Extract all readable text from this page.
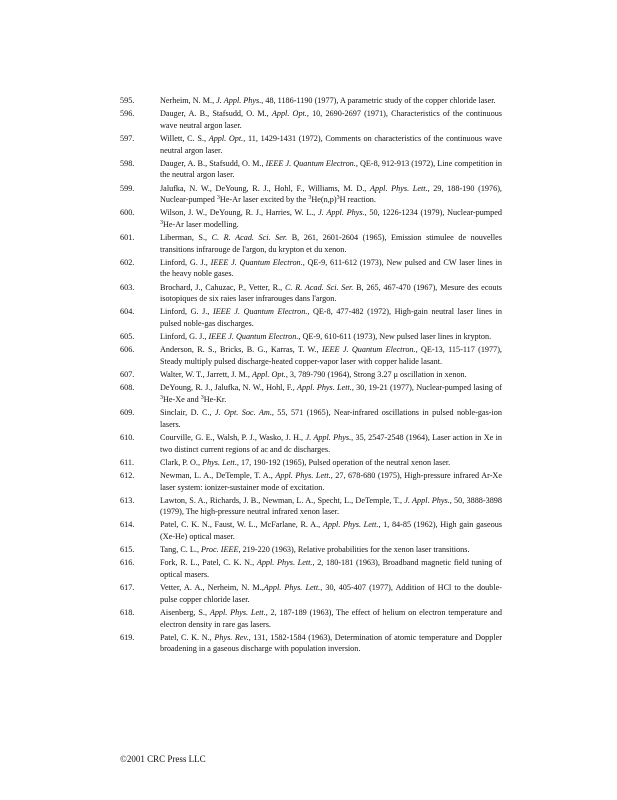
595.	Nerheim, N. M., J. Appl. Phys., 48, 1186-1190 (1977), A parametric study of the copper chloride laser.
596.	Dauger, A. B., Stafsudd, O. M., Appl. Opt., 10, 2690-2697 (1971), Characteristics of the continuous wave neutral argon laser.
597.	Willett, C. S., Appl. Opt., 11, 1429-1431 (1972), Comments on characteristics of the continuous wave neutral argon laser.
598.	Dauger, A. B., Stafsudd, O. M., IEEE J. Quantum Electron., QE-8, 912-913 (1972), Line competition in the neutral argon laser.
599.	Jalufka, N. W., DeYoung, R. J., Hohl, F., Williams, M. D., Appl. Phys. Lett., 29, 188-190 (1976), Nuclear-pumped $^3$He-Ar laser excited by the $^3He(n,p)^3H$ reaction.
600.	Wilson, J. W., DeYoung, R. J., Harries, W. L., J. Appl. Phys., 50, 1226-1234 (1979), Nuclear-pumped $^3$He-Ar laser modelling.
601.	Liberman, S., C. R. Acad. Sci. Ser. B, 261, 2601-2604 (1965), Emission stimulee de nouvelles transitions infrarouge de l'argon, du krypton et du xenon.
602.	Linford, G. J., IEEE J. Quantum Electron., QE-9, 611-612 (1973), New pulsed and CW laser lines in the heavy noble gases.
603.	Brochard, J., Cahuzac, P., Vetter, R., C. R. Acad. Sci. Ser. B, 265, 467-470 (1967), Mesure des ecouts isotopiques de six raies laser infrarouges dans l'argon.
604.	Linford, G. J., IEEE J. Quantum Electron., QE-8, 477-482 (1972), High-gain neutral laser lines in pulsed noble-gas discharges.
605.	Linford, G. J., IEEE J. Quantum Electron., QE-9, 610-611 (1973), New pulsed laser lines in krypton.
606.	Anderson, R. S., Bricks, B. G., Karras, T. W., IEEE J. Quantum Electron., QE-13, 115-117 (1977), Steady multiply pulsed discharge-heated copper-vapor laser with copper halide lasant.
607.	Walter, W. T., Jarrett, J. M., Appl. Opt., 3, 789-790 (1964), Strong 3.27 μ oscillation in xenon.
608.	DeYoung, R. J., Jalufka, N. W., Hohl, F., Appl. Phys. Lett., 30, 19-21 (1977), Nuclear-pumped lasing of $^3$He-Xe and $^3$He-Kr.
609.	Sinclair, D. C., J. Opt. Soc. Am., 55, 571 (1965), Near-infrared oscillations in pulsed noble-gas-ion lasers.
610.	Courville, G. E., Walsh, P. J., Wasko, J. H., J. Appl. Phys., 35, 2547-2548 (1964), Laser action in Xe in two distinct current regions of ac and dc discharges.
611.	Clark, P. O., Phys. Lett., 17, 190-192 (1965), Pulsed operation of the neutral xenon laser.
612.	Newman, L. A., DeTemple, T. A., Appl. Phys. Lett., 27, 678-680 (1975), High-pressure infrared Ar-Xe laser system: ionizer-sustainer mode of excitation.
613.	Lawton, S. A., Richards, J. B., Newman, L. A., Specht, L., DeTemple, T., J. Appl. Phys., 50, 3888-3898 (1979), The high-pressure neutral infrared xenon laser.
614.	Patel, C. K. N., Faust, W. L., McFarlane, R. A., Appl. Phys. Lett., 1, 84-85 (1962), High gain gaseous (Xe-He) optical maser.
615.	Tang, C. L., Proc. IEEE, 219-220 (1963), Relative probabilities for the xenon laser transitions.
616.	Fork, R. L., Patel, C. K. N., Appl. Phys. Lett., 2, 180-181 (1963), Broadband magnetic field tuning of optical masers.
617.	Vetter, A. A., Nerheim, N. M.,Appl. Phys. Lett., 30, 405-407 (1977), Addition of HCl to the double-pulse copper chloride laser.
618.	Aisenberg, S., Appl. Phys. Lett., 2, 187-189 (1963), The effect of helium on electron temperature and electron density in rare gas lasers.
619.	Patel, C. K. N., Phys. Rev., 131, 1582-1584 (1963), Determination of atomic temperature and Doppler broadening in a gaseous discharge with population inversion.
©2001 CRC Press LLC
